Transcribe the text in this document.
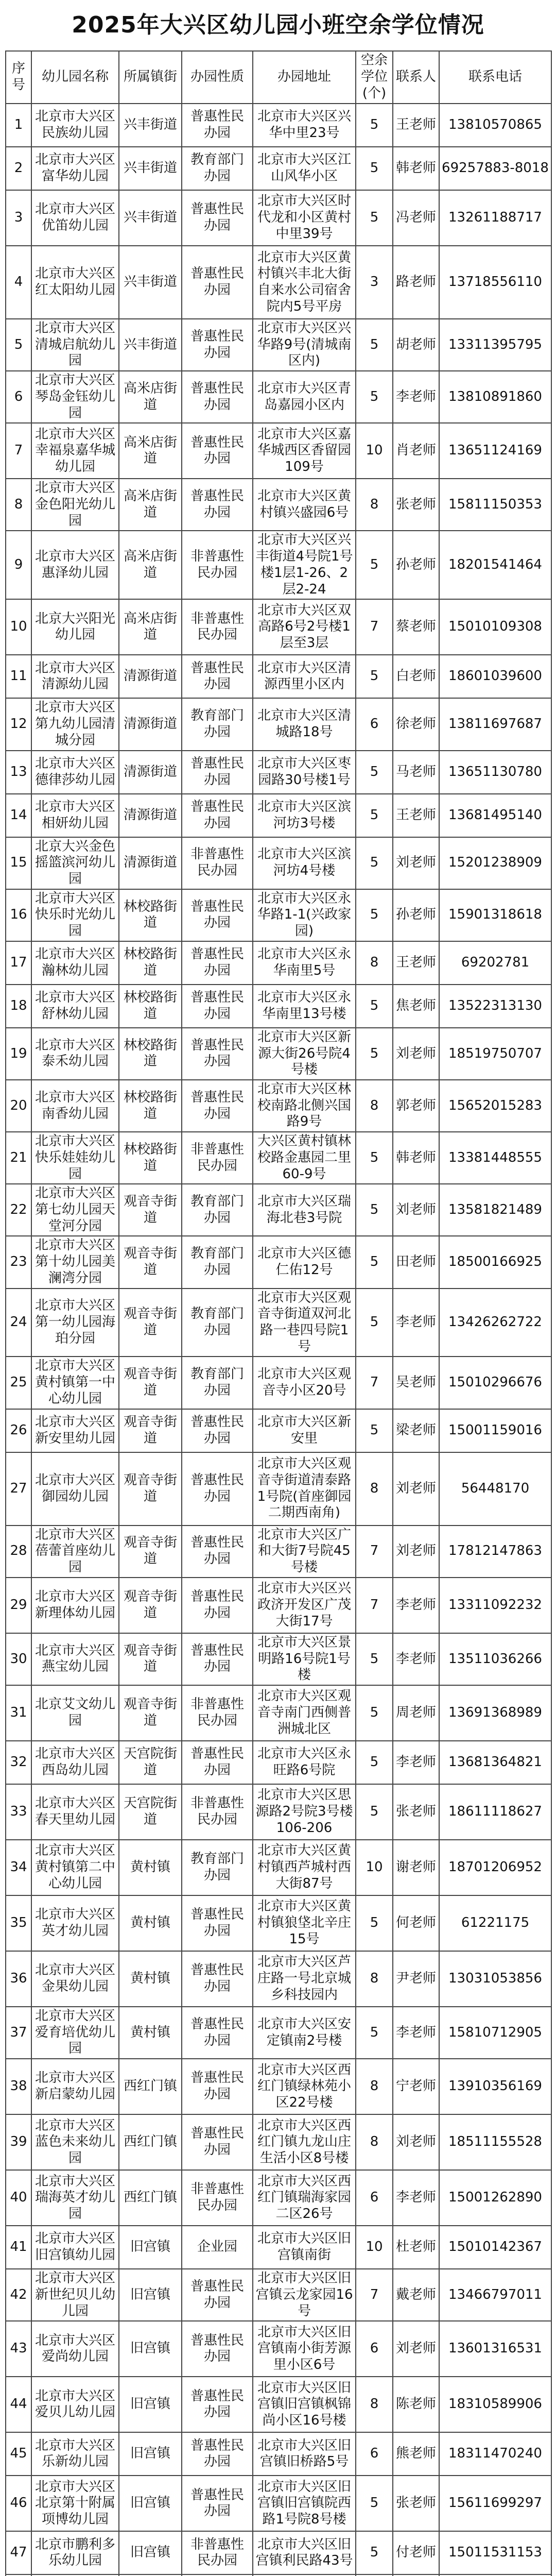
2025年大兴区幼儿园小班空余学位情况
序号	幼儿园名称	所属镇街	办园性质	办园地址	空余学位(个)	联系人	联系电话
1	北京市大兴区民族幼儿园	兴丰街道	普惠性民办园	北京市大兴区兴华中里23号	5	王老师	13810570865
2	北京市大兴区富华幼儿园	兴丰街道	教育部门办园	北京市大兴区江山风华小区	5	韩老师	69257883-8018
3	北京市大兴区优笛幼儿园	兴丰街道	普惠性民办园	北京市大兴区时代龙和小区黄村中里39号	5	冯老师	13261188717
4	北京市大兴区红太阳幼儿园	兴丰街道	普惠性民办园	北京市大兴区黄村镇兴丰北大街自来水公司宿舍院内5号平房	3	路老师	13718556110
5	北京市大兴区清城启航幼儿园	兴丰街道	普惠性民办园	北京市大兴区兴华路9号(清城南区内)	5	胡老师	13311395795
6	北京市大兴区琴岛金钰幼儿园	高米店街道	普惠性民办园	北京市大兴区青岛嘉园小区内	5	李老师	13810891860
7	北京市大兴区幸福泉嘉华城幼儿园	高米店街道	普惠性民办园	北京市大兴区嘉华城西区香留园109号	10	肖老师	13651124169
8	北京市大兴区金色阳光幼儿园	高米店街道	普惠性民办园	北京市大兴区黄村镇兴盛园6号	8	张老师	15811150353
9	北京市大兴区惠泽幼儿园	高米店街道	非普惠性民办园	北京市大兴区兴丰街道4号院1号楼1层1-26、2层2-24	5	孙老师	18201541464
10	北京大兴阳光幼儿园	高米店街道	非普惠性民办园	北京市大兴区双高路6号2号楼1层至3层	7	蔡老师	15010109308
11	北京市大兴区清源幼儿园	清源街道	普惠性民办园	北京市大兴区清源西里小区内	5	白老师	18601039600
12	北京市大兴区第九幼儿园清城分园	清源街道	教育部门办园	北京市大兴区清城路18号	6	徐老师	13811697687
13	北京市大兴区德律莎幼儿园	清源街道	普惠性民办园	北京市大兴区枣园路30号楼1号	5	马老师	13651130780
14	北京市大兴区相妍幼儿园	清源街道	普惠性民办园	北京市大兴区滨河坊3号楼	5	王老师	13681495140
15	北京大兴金色摇篮滨河幼儿园	清源街道	非普惠性民办园	北京市大兴区滨河坊4号楼	5	刘老师	15201238909
16	北京市大兴区快乐时光幼儿园	林校路街道	普惠性民办园	北京市大兴区永华路1-1(兴政家园)	5	孙老师	15901318618
17	北京市大兴区瀚林幼儿园	林校路街道	普惠性民办园	北京市大兴区永华南里5号	8	王老师	69202781
18	北京市大兴区舒林幼儿园	林校路街道	普惠性民办园	北京市大兴区永华南里13号楼	5	焦老师	13522313130
19	北京市大兴区泰禾幼儿园	林校路街道	普惠性民办园	北京市大兴区新源大街26号院4号楼	5	刘老师	18519750707
20	北京市大兴区南香幼儿园	林校路街道	普惠性民办园	北京市大兴区林校南路北侧兴国路9号	8	郭老师	15652015283
21	北京市大兴区快乐娃娃幼儿园	林校路街道	非普惠性民办园	大兴区黄村镇林校路金惠园二里60-9号	5	韩老师	13381448555
22	北京市大兴区第七幼儿园天堂河分园	观音寺街道	教育部门办园	北京市大兴区瑞海北巷3号院	5	刘老师	13581821489
23	北京市大兴区第十幼儿园美澜湾分园	观音寺街道	教育部门办园	北京市大兴区德仁佑12号	5	田老师	18500166925
24	北京市大兴区第一幼儿园海珀分园	观音寺街道	教育部门办园	北京市大兴区观音寺街道双河北路一巷四号院1号	5	李老师	13426262722
25	北京市大兴区黄村镇第一中心幼儿园	观音寺街道	教育部门办园	北京市大兴区观音寺小区20号	7	吴老师	15010296676
26	北京市大兴区新安里幼儿园	观音寺街道	普惠性民办园	北京市大兴区新安里	5	梁老师	15001159016
27	北京市大兴区御园幼儿园	观音寺街道	普惠性民办园	北京市大兴区观音寺街道清泰路1号院(首座御园二期西南角)	8	刘老师	56448170
28	北京市大兴区蓓蕾首座幼儿园	观音寺街道	普惠性民办园	北京市大兴区广和大街7号院45号楼	7	刘老师	17812147863
29	北京市大兴区新理体幼儿园	观音寺街道	普惠性民办园	北京市大兴区兴政济开发区广茂大街17号	7	李老师	13311092232
30	北京市大兴区燕宝幼儿园	观音寺街道	普惠性民办园	北京市大兴区景明路16号院1号楼	5	李老师	13511036266
31	北京艾文幼儿园	观音寺街道	非普惠性民办园	北京市大兴区观音寺南门西侧普洲城北区	5	周老师	13691368989
32	北京市大兴区西岛幼儿园	天宫院街道	普惠性民办园	北京市大兴区永旺路6号院	5	李老师	13681364821
33	北京市大兴区春天里幼儿园	天宫院街道	非普惠性民办园	北京市大兴区思源路2号院3号楼106-206	5	张老师	18611118627
34	北京市大兴区黄村镇第二中心幼儿园	黄村镇	教育部门办园	北京市大兴区黄村镇西芦城村西大街87号	10	谢老师	18701206952
35	北京市大兴区英才幼儿园	黄村镇	普惠性民办园	北京市大兴区黄村镇狼垡北辛庄15号	5	何老师	61221175
36	北京市大兴区金果幼儿园	黄村镇	普惠性民办园	北京市大兴区芦庄路一号北京城乡科技园内	8	尹老师	13031053856
37	北京市大兴区爱育培优幼儿园	黄村镇	普惠性民办园	北京市大兴区安定镇南2号楼	5	李老师	15810712905
38	北京市大兴区新启蒙幼儿园	西红门镇	普惠性民办园	北京市大兴区西红门镇绿林苑小区22号楼	8	宁老师	13910356169
39	北京市大兴区蓝色未来幼儿园	西红门镇	普惠性民办园	北京市大兴区西红门镇九龙山庄生活小区8号楼	8	刘老师	18511155528
40	北京市大兴区瑞海英才幼儿园	西红门镇	非普惠性民办园	北京市大兴区西红门镇瑞海家园二区26号	6	李老师	15001262890
41	北京市大兴区旧宫镇幼儿园	旧宫镇	企业园	北京市大兴区旧宫镇南街	10	杜老师	15010142367
42	北京市大兴区新世纪贝儿幼儿园	旧宫镇	普惠性民办园	北京市大兴区旧宫镇云龙家园16号	7	戴老师	13466797011
43	北京市大兴区爱尚幼儿园	旧宫镇	普惠性民办园	北京市大兴区旧宫镇南小街芳源里小区6号	6	刘老师	13601316531
44	北京市大兴区爱贝儿幼儿园	旧宫镇	普惠性民办园	北京市大兴区旧宫镇旧宫镇枫锦尚小区16号楼	8	陈老师	18310589906
45	北京市大兴区乐新幼儿园	旧宫镇	普惠性民办园	北京市大兴区旧宫镇旧桥路5号	6	熊老师	18311470240
46	北京市大兴区北京第十附属项博幼儿园	旧宫镇	普惠性民办园	北京市大兴区旧宫镇旧宫镇院西路1号院8号楼	5	张老师	15611699297
47	北京市鹏利多乐幼儿园	旧宫镇	非普惠性民办园	北京市大兴区旧宫镇利民路43号	5	付老师	15011531153
